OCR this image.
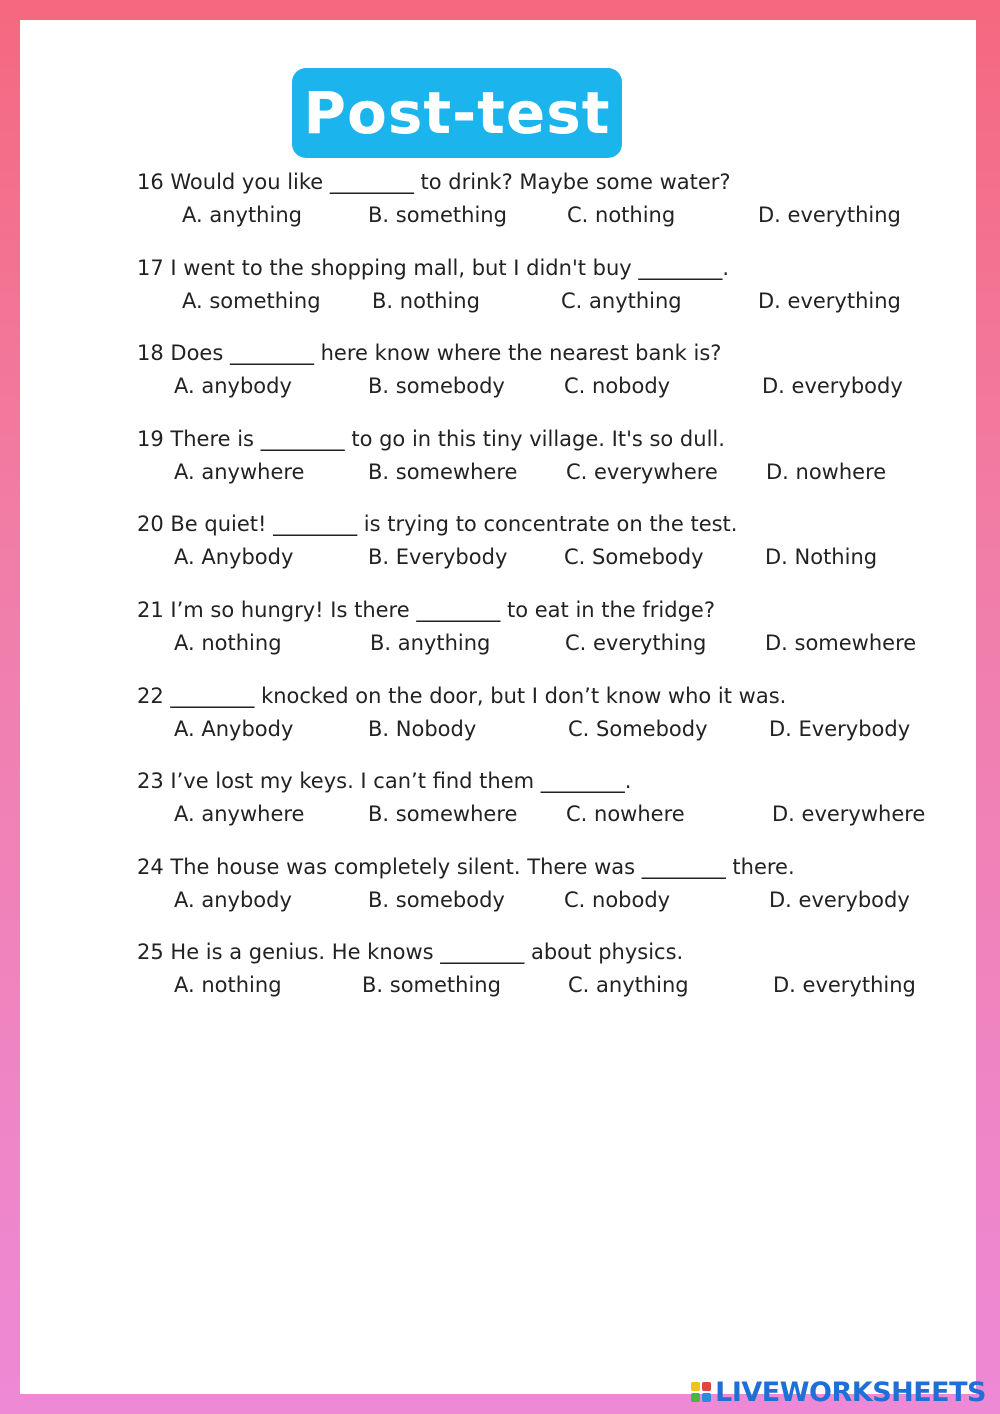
Post-test
16 Would you like ________ to drink? Maybe some water?
A. anything	B. something	C. nothing	D. everything
17 I went to the shopping mall, but I didn't buy ________.
A. something B. nothing	C. anything	D. everything
18 Does ________ here know where the nearest bank is?
A. anybody	B. somebody	C. nobody	D. everybody
19 There is ________ to go in this tiny village. It's so dull.
A. anywhere	B. somewhere C. everywhere D. nowhere
20 Be quiet! ________ is trying to concentrate on the test.
A. Anybody	B. Everybody	C. Somebody	D. Nothing
21 I’m so hungry! Is there ________ to eat in the fridge?
A. nothing	B. anything	C. everything	D. somewhere
22 ________ knocked on the door, but I don’t know who it was.
A. Anybody	B. Nobody	C. Somebody	D. Everybody
23 I’ve lost my keys. I can’t find them ________.
A. anywhere	B. somewhere C. nowhere	D. everywhere
24 The house was completely silent. There was ________ there.
A. anybody	B. somebody	C. nobody	D. everybody
25 He is a genius. He knows ________ about physics.
A. nothing	B. something	C. anything	D. everything
LIVEWORKSHEETS
